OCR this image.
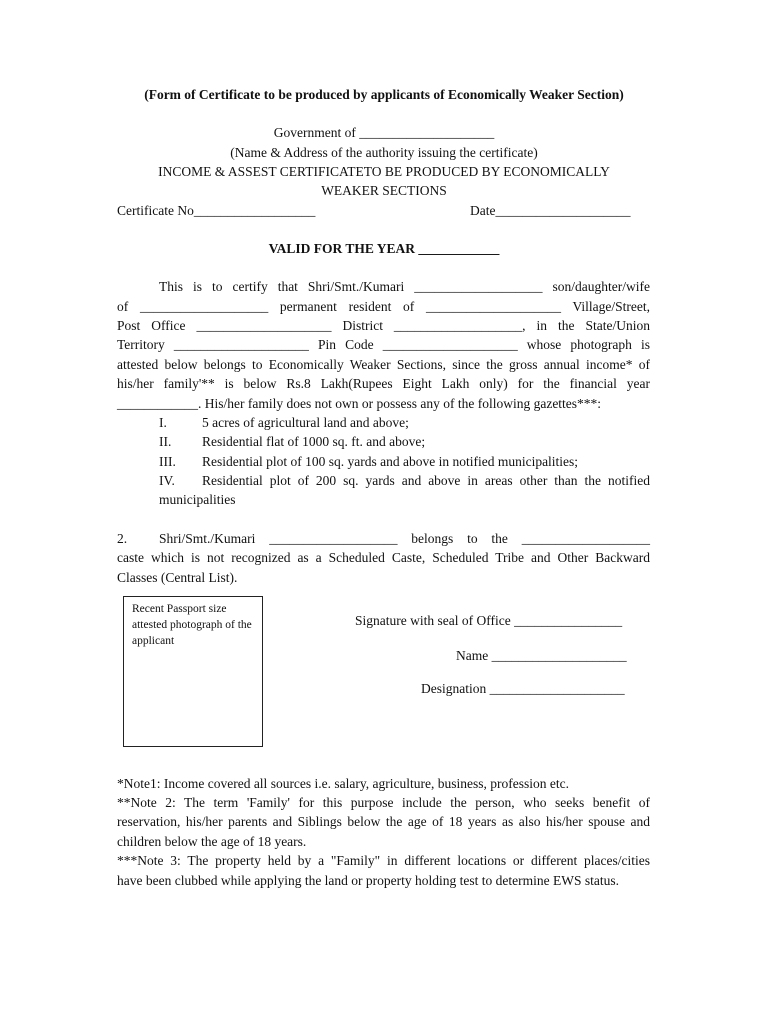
(Form of Certificate to be produced by applicants of Economically Weaker Section)
Government of ____________________
(Name & Address of the authority issuing the certificate)
INCOME & ASSEST CERTIFICATETO BE PRODUCED BY ECONOMICALLY
WEAKER SECTIONS
Certificate No__________________	Date____________________
VALID FOR THE YEAR ____________
This is to certify that Shri/Smt./Kumari ___________________ son/daughter/wife
of ___________________ permanent resident of ____________________ Village/Street,
Post Office ____________________ District ___________________, in the State/Union
Territory ____________________ Pin Code ____________________ whose photograph is
attested below belongs to Economically Weaker Sections, since the gross annual income* of
his/her family'** is below Rs.8 Lakh(Rupees Eight Lakh only) for the financial year
____________. His/her family does not own or possess any of the following gazettes***:
I.	5 acres of agricultural land and above;
II. Residential flat of 1000 sq. ft. and above;
III. Residential plot of 100 sq. yards and above in notified municipalities;
IV. Residential plot of 200 sq. yards and above in areas other than the notified
municipalities
2. Shri/Smt./Kumari ___________________ belongs to the ___________________
caste which is not recognized as a Scheduled Caste, Scheduled Tribe and Other Backward
Classes (Central List).
Recent Passport size attested photograph of the applicant
Signature with seal of Office ________________
Name ____________________
Designation ____________________
*Note1: Income covered all sources i.e. salary, agriculture, business, profession etc.
**Note 2: The term 'Family' for this purpose include the person, who seeks benefit of
reservation, his/her parents and Siblings below the age of 18 years as also his/her spouse and
children below the age of 18 years.
***Note 3: The property held by a "Family" in different locations or different places/cities
have been clubbed while applying the land or property holding test to determine EWS status.
